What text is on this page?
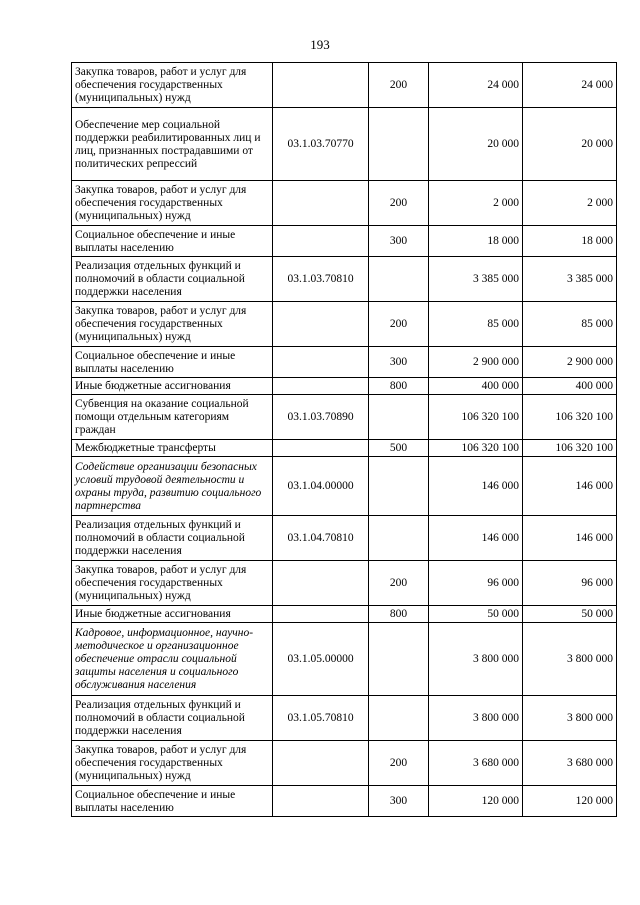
193
Закупка товаров, работ и услуг для обеспечения государственных (муниципальных) нужд		200	24 000	24 000
Обеспечение мер социальной поддержки реабилитированных лиц и лиц, признанных пострадавшими от политических репрессий	03.1.03.70770		20 000	20 000
Закупка товаров, работ и услуг для обеспечения государственных (муниципальных) нужд		200	2 000	2 000
Социальное обеспечение и иные выплаты населению		300	18 000	18 000
Реализация отдельных функций и полномочий в области социальной поддержки населения	03.1.03.70810		3 385 000	3 385 000
Закупка товаров, работ и услуг для обеспечения государственных (муниципальных) нужд		200	85 000	85 000
Социальное обеспечение и иные выплаты населению		300	2 900 000	2 900 000
Иные бюджетные ассигнования		800	400 000	400 000
Субвенция на оказание социальной помощи отдельным категориям граждан	03.1.03.70890		106 320 100	106 320 100
Межбюджетные трансферты		500	106 320 100	106 320 100
Содействие организации безопасных условий трудовой деятельности и охраны труда, развитию социального партнерства	03.1.04.00000		146 000	146 000
Реализация отдельных функций и полномочий в области социальной поддержки населения	03.1.04.70810		146 000	146 000
Закупка товаров, работ и услуг для обеспечения государственных (муниципальных) нужд		200	96 000	96 000
Иные бюджетные ассигнования		800	50 000	50 000
Кадровое, информационное, научно-методическое и организационное обеспечение отрасли социальной защиты населения и социального обслуживания населения	03.1.05.00000		3 800 000	3 800 000
Реализация отдельных функций и полномочий в области социальной поддержки населения	03.1.05.70810		3 800 000	3 800 000
Закупка товаров, работ и услуг для обеспечения государственных (муниципальных) нужд		200	3 680 000	3 680 000
Социальное обеспечение и иные выплаты населению		300	120 000	120 000
